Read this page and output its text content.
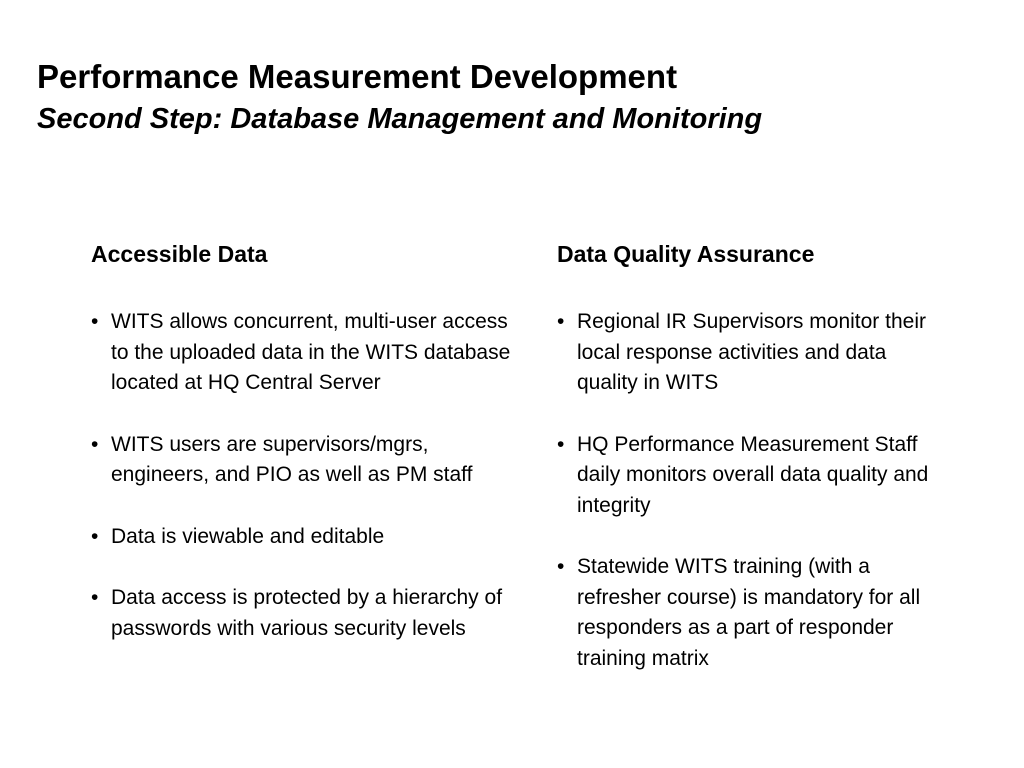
Performance Measurement Development
Second Step: Database Management and Monitoring
Accessible Data
• WITS allows concurrent, multi-user access to the uploaded data in the WITS database located at HQ Central Server
• WITS users are supervisors/mgrs, engineers, and PIO as well as PM staff
• Data is viewable and editable
• Data access is protected by a hierarchy of passwords with various security levels
Data Quality Assurance
• Regional IR Supervisors monitor their local response activities and data quality in WITS
• HQ Performance Measurement Staff daily monitors overall data quality and integrity
• Statewide WITS training (with a refresher course) is mandatory for all responders as a part of responder training matrix
